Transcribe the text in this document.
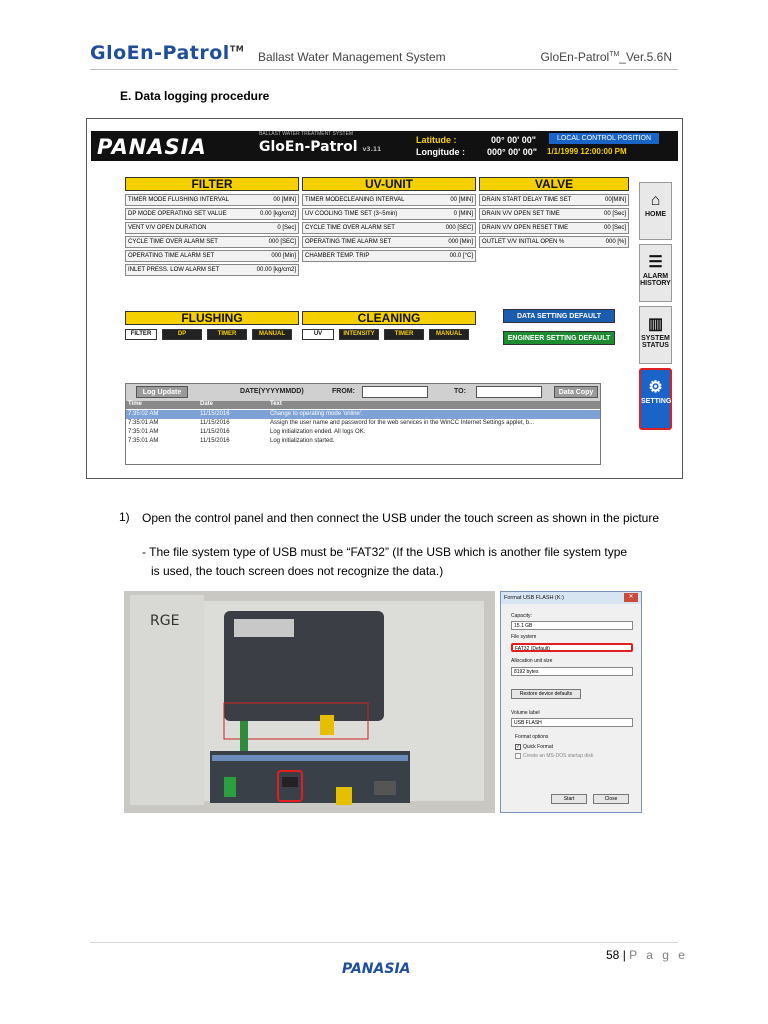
GloEn-Patrol™
Ballast Water Management System	GloEn-Patrol™_Ver.5.6N
E. Data logging procedure
PANASIA
BALLAST WATER TREATMENT SYSTEM
GlᴏEn-Patrol v3.11
Latitude :	00° 00' 00"
Longitude : 000° 00' 00"
LOCAL CONTROL POSITION
1/1/1999 12:00:00 PM
FILTER
TIMER MODE FLUSHING INTERVAL	00 [MIN]
DP MODE OPERATING SET VALUE	0.00 [kg/cm2]
VENT V/V OPEN DURATION	0 [Sec]
CYCLE TIME OVER ALARM SET	000 [SEC]
OPERATING TIME ALARM SET	000 [Min]
INLET PRESS. LOW ALARM SET	00.00 [kg/cm2]
UV-UNIT
TIMER MODECLEANING INTERVAL	00 [MIN]
UV COOLING TIME SET (3~5min)	0 [MIN]
CYCLE TIME OVER ALARM SET	000 [SEC]
OPERATING TIME ALARM SET	000 [Min]
CHAMBER TEMP. TRIP	00.0 [°C]
VALVE
DRAIN START DELAY TIME SET	00[MIN]
DRAIN V/V OPEN SET TIME	00 [Sec]
DRAIN V/V OPEN RESET TIME	00 [Sec]
OUTLET V/V INITIAL OPEN %	000 [%]
⌂
HOME
☰
ALARM HISTORY
▥
SYSTEM STATUS
⚙
SETTING
FLUSHING
FILTER	DP	TIMER	MANUAL
CLEANING
UV	INTENSITY	TIMER	MANUAL
DATA SETTING DEFAULT
ENGINEER SETTING DEFAULT
Log Update	DATE(YYYYMMDD)	FROM:	TO:	Data Copy
Time	Date	Text
7:35:02 AM	11/15/2016	Change to operating mode 'online'.
7:35:01 AM	11/15/2016	Assign the user name and password for the web services in the WinCC Internet Settings applet, b...
7:35:01 AM	11/15/2016	Log initialization ended. All logs OK.
7:35:01 AM	11/15/2016	Log initialization started.
1) Open the control panel and then connect the USB under the touch screen as shown in the picture
- The file system type of USB must be “FAT32” (If the USB which is another file system type
is used, the touch screen does not recognize the data.)
RGE
Format USB FLASH (K:)	✕
Capacity:
15.1 GB
File system
FAT32 (Default)
Allocation unit size
8192 bytes
Restore device defaults
Volume label
USB FLASH
Format options
✓ Quick Format
Create an MS-DOS startup disk
Start	Close
58 | P a g e
PANASIA
